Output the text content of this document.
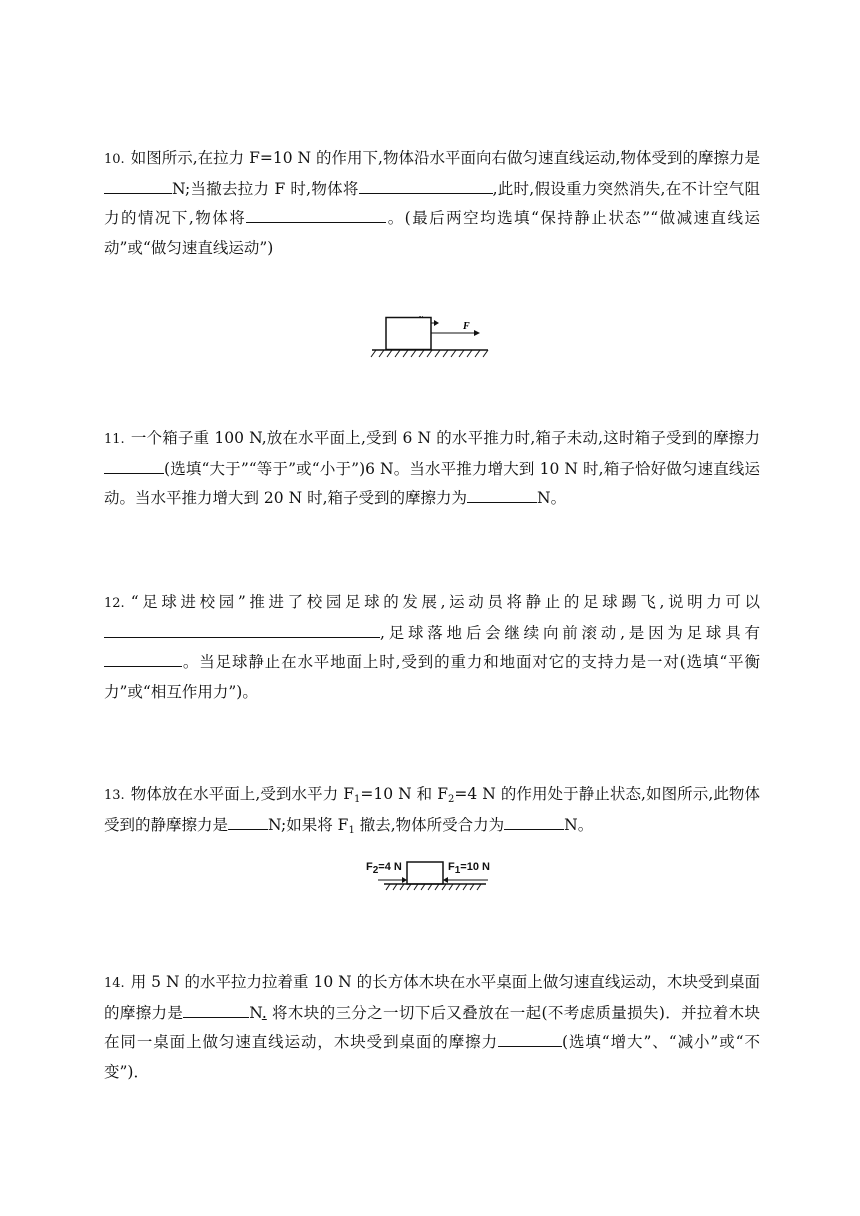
10. 如图所示,在拉力 F=10 N 的作用下,物体沿水平面向右做匀速直线运动,物体受到的摩擦力是N;当撤去拉力 F 时,物体将	,此时,假设重力突然消失,在不计空气阻力的情况下,物体将	。(最后两空均选填“保持静止状态”“做减速直线运动”或“做匀速直线运动”)
F
11. 一个箱子重 100 N,放在水平面上,受到 6 N 的水平推力时,箱子未动,这时箱子受到的摩擦力(选填“大于”“等于”或“小于”)6 N。当水平推力增大到 10 N 时,箱子恰好做匀速直线运动。当水平推力增大到 20 N 时,箱子受到的摩擦力为	N。
12. “足球进校园”推进了校园足球的发展,运动员将静止的足球踢飞,说明力可以,足球落地后会继续向前滚动,是因为足球具有。当足球静止在水平地面上时,受到的重力和地面对它的支持力是一对(选填“平衡力”或“相互作用力”)。
13. 物体放在水平面上,受到水平力 $F_1=10$ N 和 $F_2=4$ N 的作用处于静止状态,如图所示,此物体受到的静摩擦力是	N;如果将 $F_1$ 撤去,物体所受合力为	N。
$F_2=4$ N	$F_1=10$ N
14. 用 5 N 的水平拉力拉着重 10 N 的长方体木块在水平桌面上做匀速直线运动，木块受到桌面的摩擦力是	N. 将木块的三分之一切下后又叠放在一起(不考虑质量损失)．并拉着木块在同一桌面上做匀速直线运动，木块受到桌面的摩擦力	(选填“增大”、“减小”或“不变”)．
